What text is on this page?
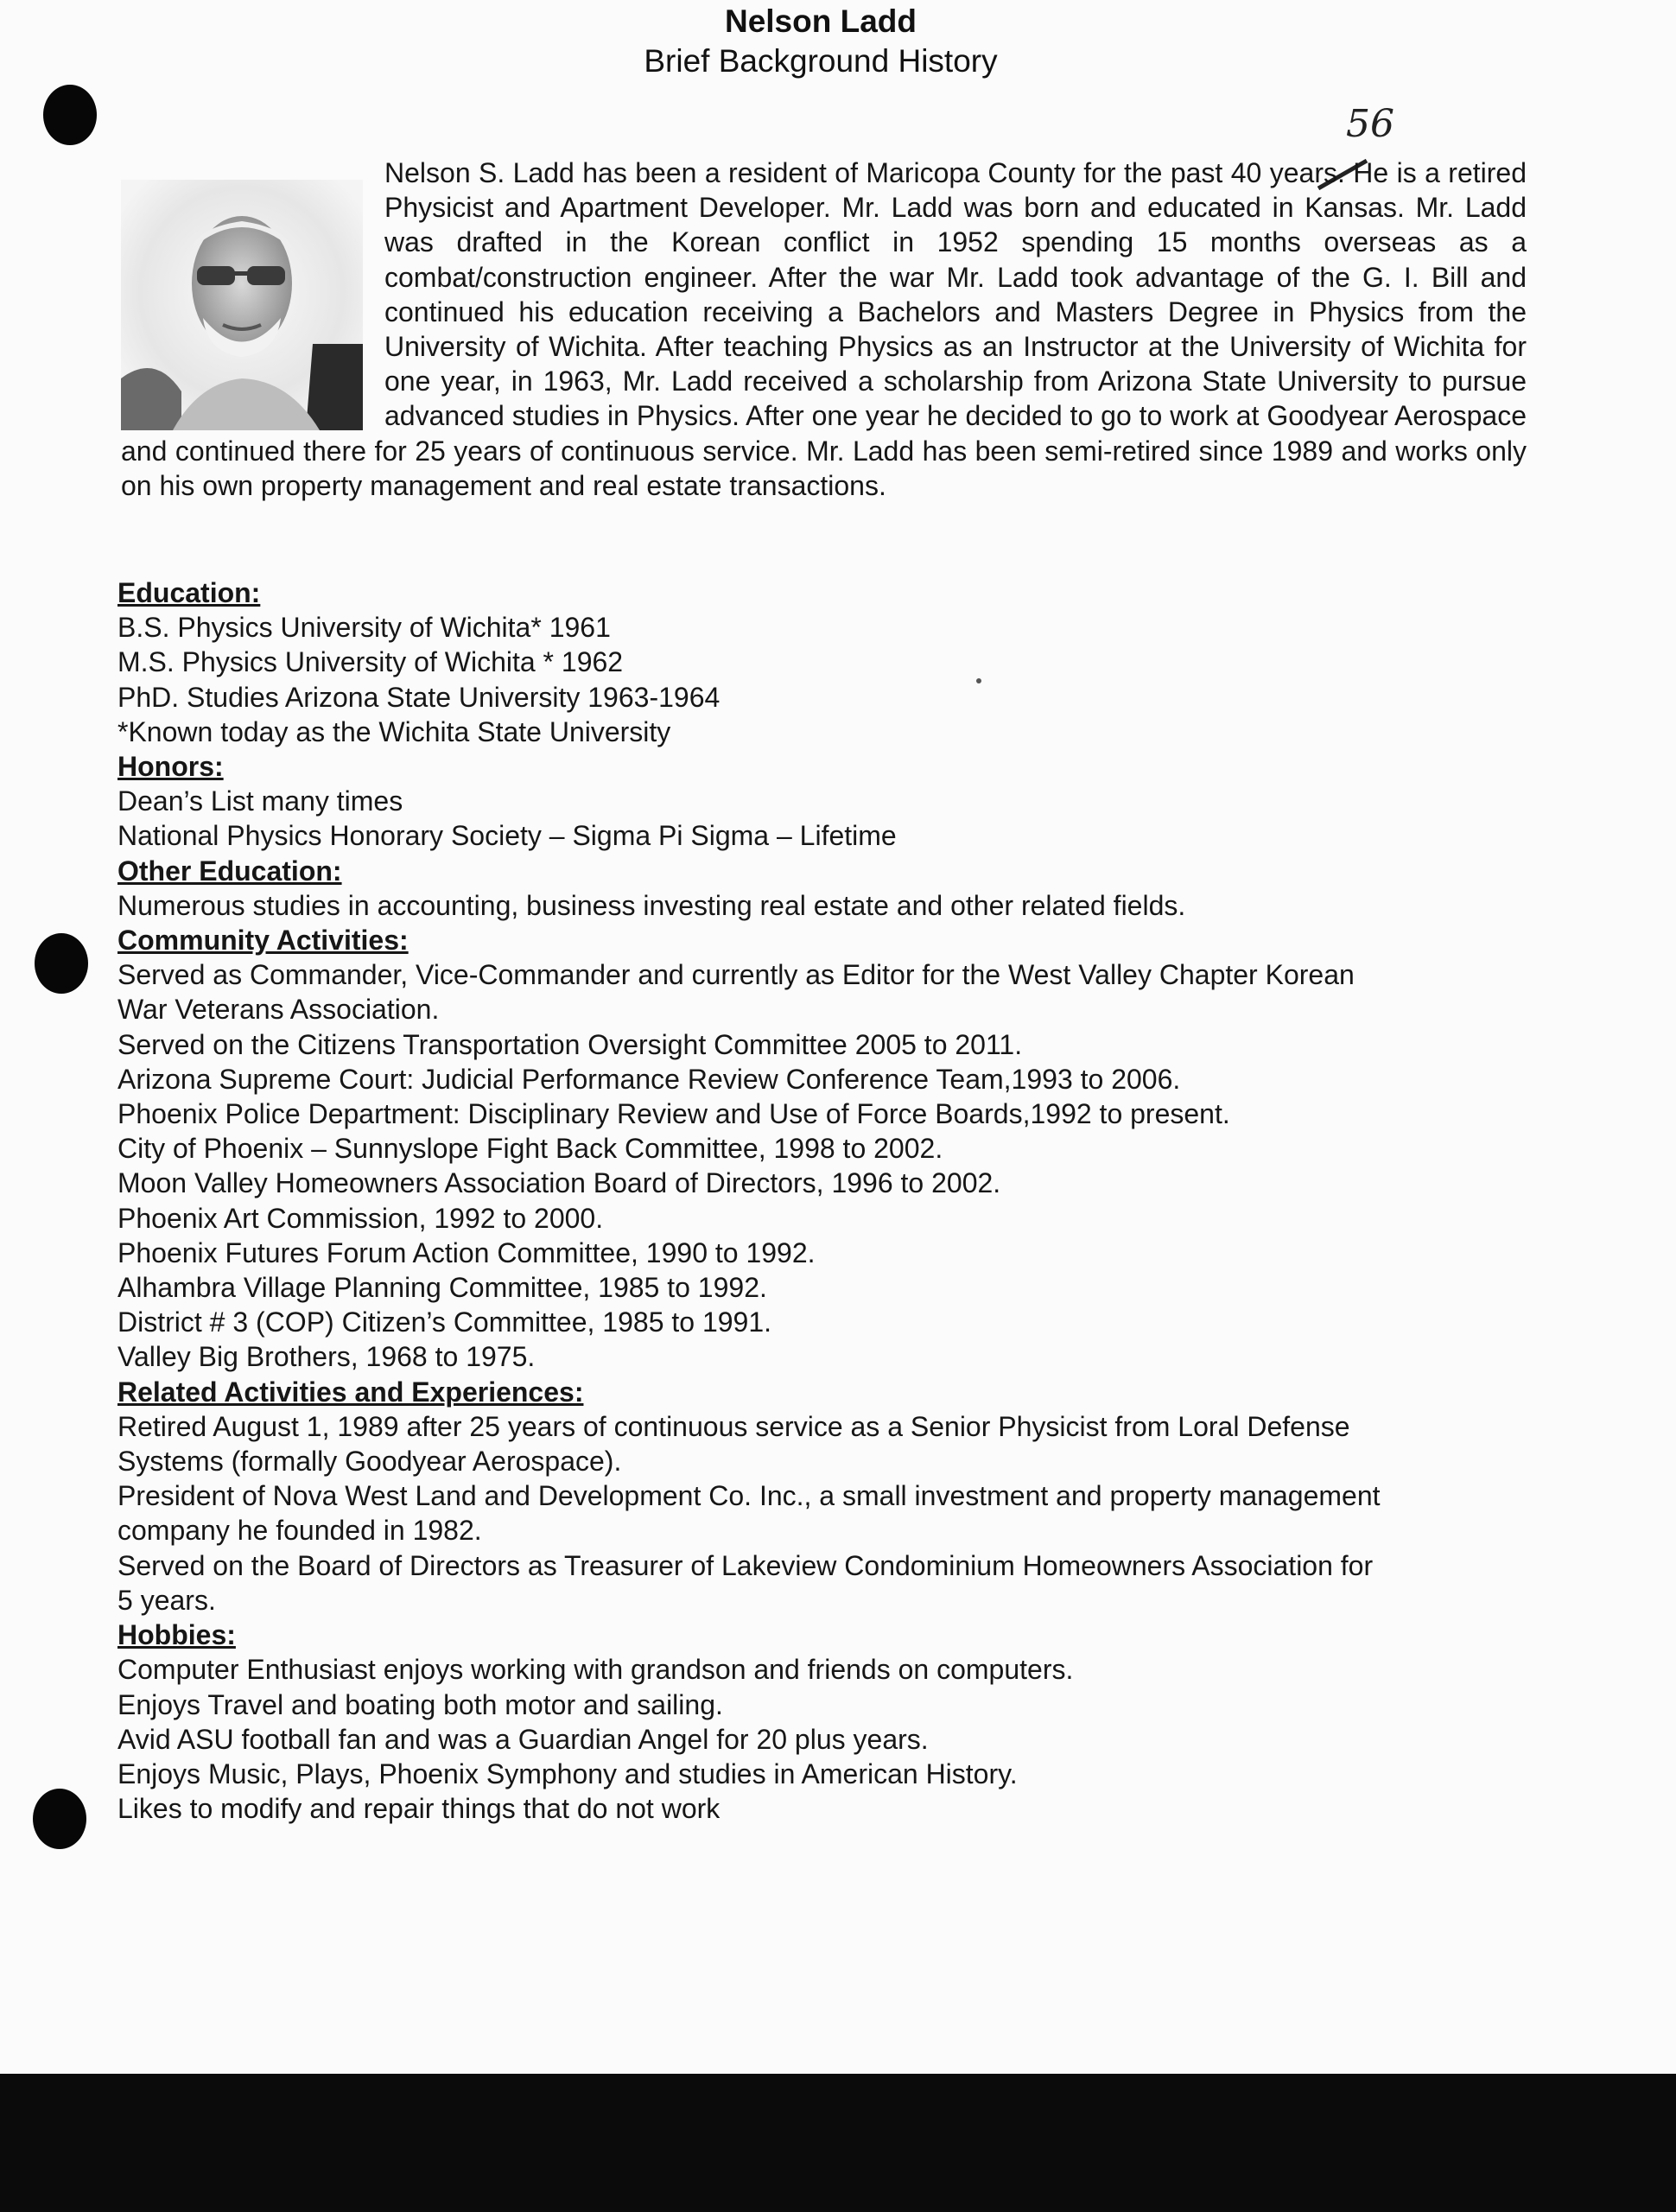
Nelson Ladd
Brief Background History
56
Nelson S. Ladd has been a resident of Maricopa County for the past 40 years. He is a retired Physicist and Apartment Developer. Mr. Ladd was born and educated in Kansas. Mr. Ladd was drafted in the Korean conflict in 1952 spending 15 months overseas as a combat/construction engineer. After the war Mr. Ladd took advantage of the G. I. Bill and continued his education receiving a Bachelors and Masters Degree in Physics from the University of Wichita. After teaching Physics as an Instructor at the University of Wichita for one year, in 1963, Mr. Ladd received a scholarship from Arizona State University to pursue advanced studies in Physics. After one year he decided to go to work at Goodyear Aerospace and continued there for 25 years of continuous service. Mr. Ladd has been semi-retired since 1989 and works only on his own property management and real estate transactions.
Education:
B.S. Physics University of Wichita* 1961
M.S. Physics University of Wichita * 1962
PhD. Studies Arizona State University 1963-1964
*Known today as the Wichita State University
Honors:
Dean’s List many times
National Physics Honorary Society – Sigma Pi Sigma – Lifetime
Other Education:
Numerous studies in accounting, business investing real estate and other related fields.
Community Activities:
Served as Commander, Vice-Commander and currently as Editor for the West Valley Chapter Korean
War Veterans Association.
Served on the Citizens Transportation Oversight Committee 2005 to 2011.
Arizona Supreme Court: Judicial Performance Review Conference Team,1993 to 2006.
Phoenix Police Department: Disciplinary Review and Use of Force Boards,1992 to present.
City of Phoenix – Sunnyslope Fight Back Committee, 1998 to 2002.
Moon Valley Homeowners Association Board of Directors, 1996 to 2002.
Phoenix Art Commission, 1992 to 2000.
Phoenix Futures Forum Action Committee, 1990 to 1992.
Alhambra Village Planning Committee, 1985 to 1992.
District # 3 (COP) Citizen’s Committee, 1985 to 1991.
Valley Big Brothers, 1968 to 1975.
Related Activities and Experiences:
Retired August 1, 1989 after 25 years of continuous service as a Senior Physicist from Loral Defense
Systems (formally Goodyear Aerospace).
President of Nova West Land and Development Co. Inc., a small investment and property management
company he founded in 1982.
Served on the Board of Directors as Treasurer of Lakeview Condominium Homeowners Association for
5 years.
Hobbies:
Computer Enthusiast enjoys working with grandson and friends on computers.
Enjoys Travel and boating both motor and sailing.
Avid ASU football fan and was a Guardian Angel for 20 plus years.
Enjoys Music, Plays, Phoenix Symphony and studies in American History.
Likes to modify and repair things that do not work
